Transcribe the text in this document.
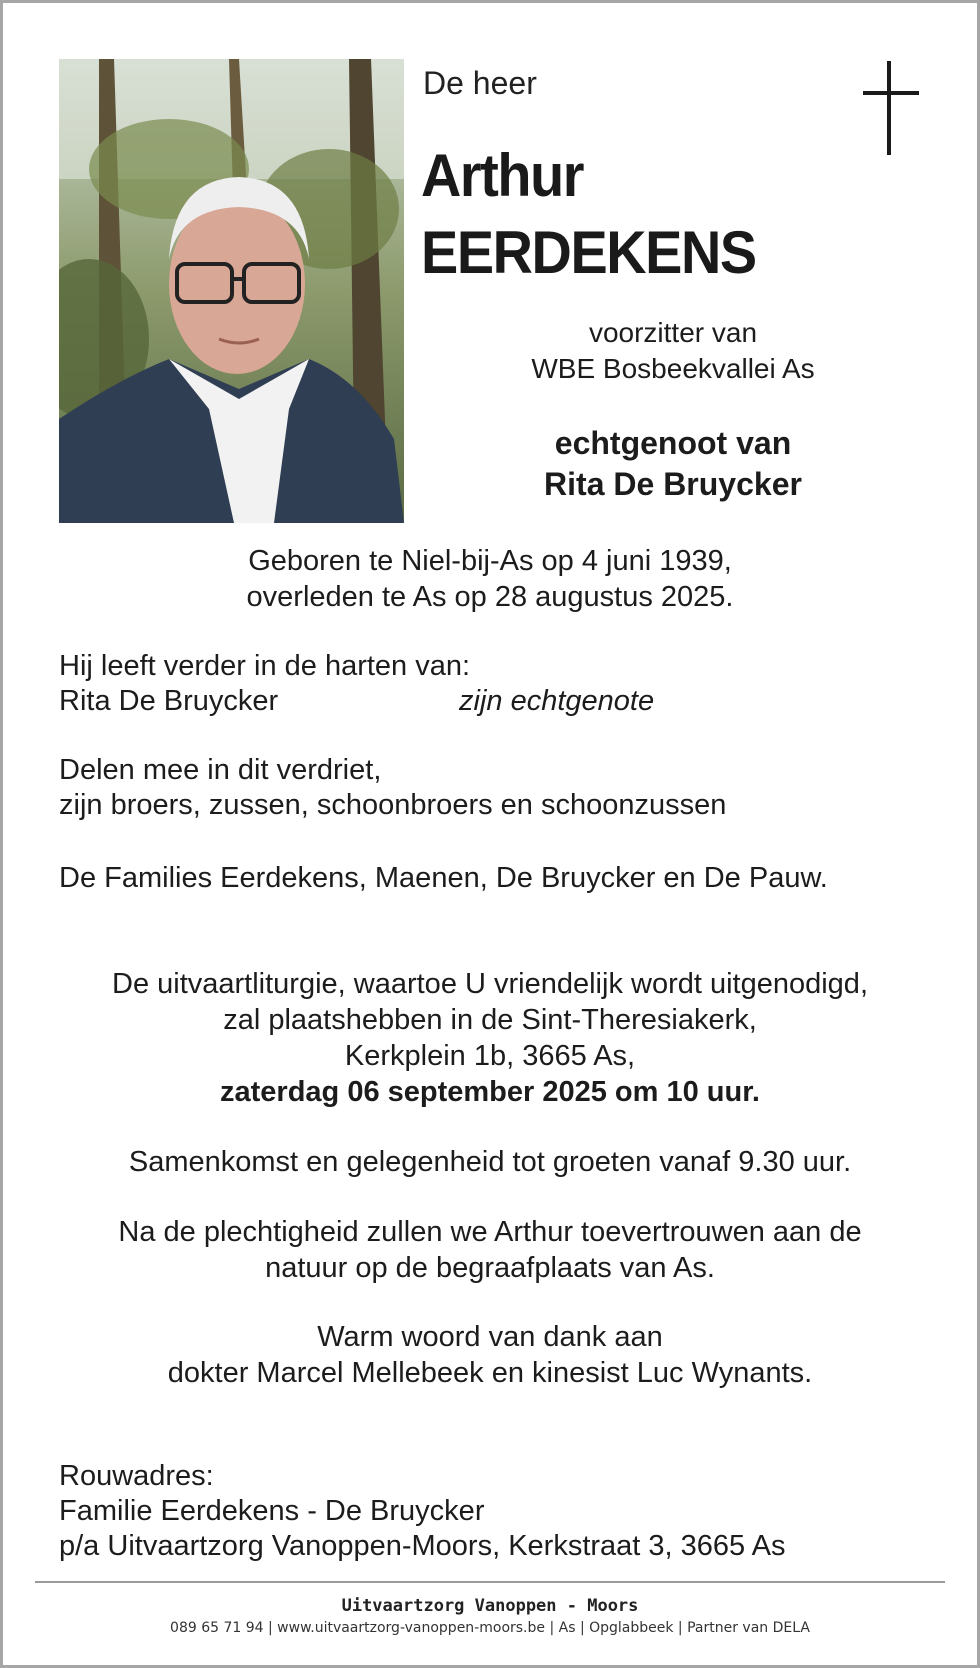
De heer
Arthur
EERDEKENS
voorzitter van
WBE Bosbeekvallei As
echtgenoot van
Rita De Bruycker
Geboren te Niel-bij-As op 4 juni 1939,
overleden te As op 28 augustus 2025.
Hij leeft verder in de harten van:
Rita De Bruycker	zijn echtgenote
Delen mee in dit verdriet,
zijn broers, zussen, schoonbroers en schoonzussen
De Families Eerdekens, Maenen, De Bruycker en De Pauw.
De uitvaartliturgie, waartoe U vriendelijk wordt uitgenodigd,
zal plaatshebben in de Sint-Theresiakerk,
Kerkplein 1b, 3665 As,
zaterdag 06 september 2025 om 10 uur.
Samenkomst en gelegenheid tot groeten vanaf 9.30 uur.
Na de plechtigheid zullen we Arthur toevertrouwen aan de
natuur op de begraafplaats van As.
Warm woord van dank aan
dokter Marcel Mellebeek en kinesist Luc Wynants.
Rouwadres:
Familie Eerdekens - De Bruycker
p/a Uitvaartzorg Vanoppen-Moors, Kerkstraat 3, 3665 As
Uitvaartzorg Vanoppen - Moors
089 65 71 94 | www.uitvaartzorg-vanoppen-moors.be | As | Opglabbeek | Partner van DELA
